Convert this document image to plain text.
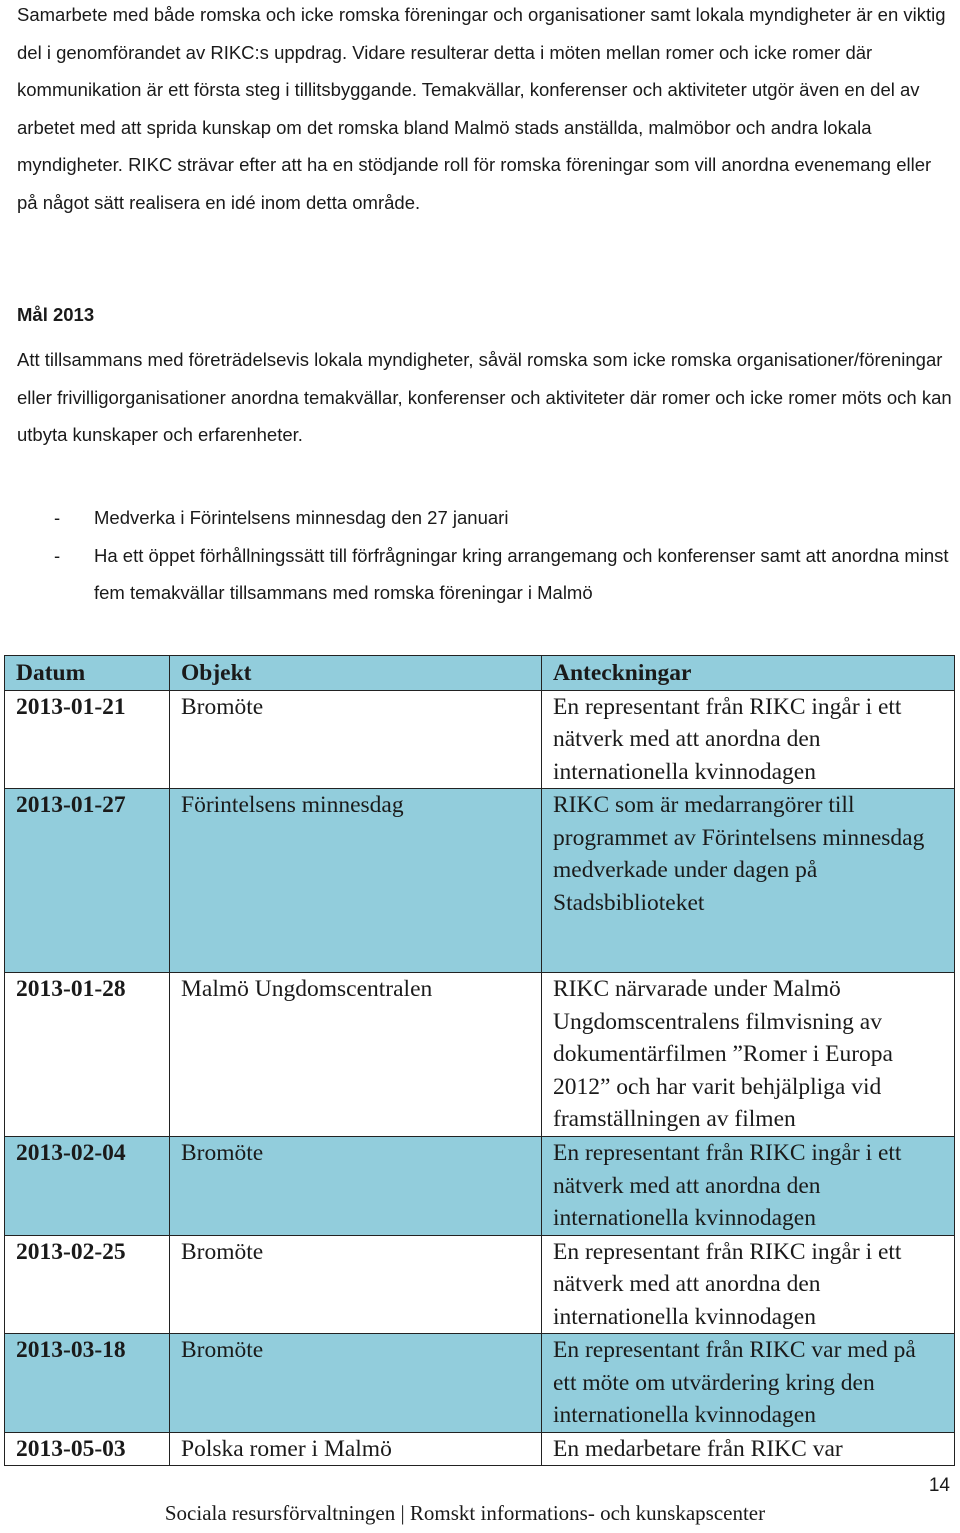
Samarbete med både romska och icke romska föreningar och organisationer samt lokala myndigheter är en viktig del i genomförandet av RIKC:s uppdrag. Vidare resulterar detta i möten mellan romer och icke romer där kommunikation är ett första steg i tillitsbyggande. Temakvällar, konferenser och aktiviteter utgör även en del av arbetet med att sprida kunskap om det romska bland Malmö stads anställda, malmöbor och andra lokala myndigheter. RIKC strävar efter att ha en stödjande roll för romska föreningar som vill anordna evenemang eller på något sätt realisera en idé inom detta område.

Mål 2013

Att tillsammans med företrädelsevis lokala myndigheter, såväl romska som icke romska organisationer/föreningar eller frivilligorganisationer anordna temakvällar, konferenser och aktiviteter där romer och icke romer möts och kan utbyta kunskaper och erfarenheter.

-	Medverka i Förintelsens minnesdag den 27 januari
-	Ha ett öppet förhållningssätt till förfrågningar kring arrangemang och konferenser samt att anordna minst fem temakvällar tillsammans med romska föreningar i Malmö
Datum	Objekt	Anteckningar
2013-01-21	Bromöte	En representant från RIKC ingår i ett nätverk med att anordna den internationella kvinnodagen
2013-01-27	Förintelsens minnesdag	RIKC som är medarrangörer till programmet av Förintelsens minnesdag medverkade under dagen på Stadsbiblioteket
2013-01-28	Malmö Ungdomscentralen	RIKC närvarade under Malmö Ungdomscentralens filmvisning av dokumentärfilmen ”Romer i Europa 2012” och har varit behjälpliga vid framställningen av filmen
2013-02-04	Bromöte	En representant från RIKC ingår i ett nätverk med att anordna den internationella kvinnodagen
2013-02-25	Bromöte	En representant från RIKC ingår i ett nätverk med att anordna den internationella kvinnodagen
2013-03-18	Bromöte	En representant från RIKC var med på ett möte om utvärdering kring den internationella kvinnodagen
2013-05-03	Polska romer i Malmö	En medarbetare från RIKC var
14
Sociala resursförvaltningen | Romskt informations- och kunskapscenter
